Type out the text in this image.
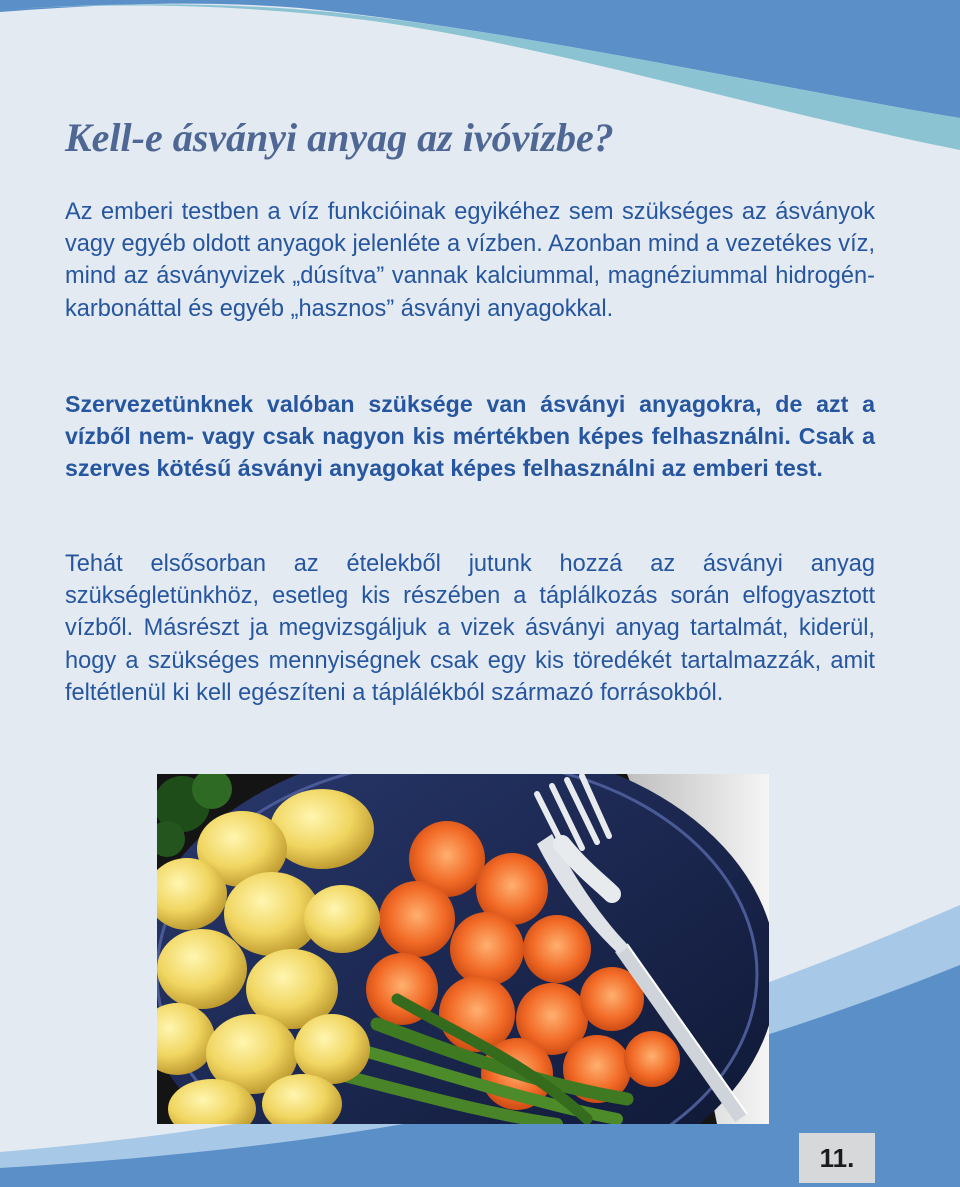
Kell-e ásványi anyag az ivóvízbe?

Az emberi testben a víz funkcióinak egyikéhez sem szükséges az ásványok vagy egyéb oldott anyagok jelenléte a vízben. Azonban mind a vezetékes víz, mind az ásványvizek „dúsítva” vannak kalciummal, magnéziummal hidrogén-karbonáttal és egyéb „hasznos” ásványi anyagokkal.

Szervezetünknek valóban szüksége van ásványi anyagokra, de azt a vízből nem- vagy csak nagyon kis mértékben képes felhasználni. Csak a szerves kötésű ásványi anyagokat képes felhasználni az emberi test.

Tehát elsősorban az ételekből jutunk hozzá az ásványi anyag szükségletünkhöz, esetleg kis részében a táplálkozás során elfogyasztott vízből. Másrészt ja megvizsgáljuk a vizek ásványi anyag tartalmát, kiderül, hogy a szükséges mennyiségnek csak egy kis töredékét tartalmazzák, amit feltétlenül ki kell egészíteni a táplálékból származó forrásokból.

11.
